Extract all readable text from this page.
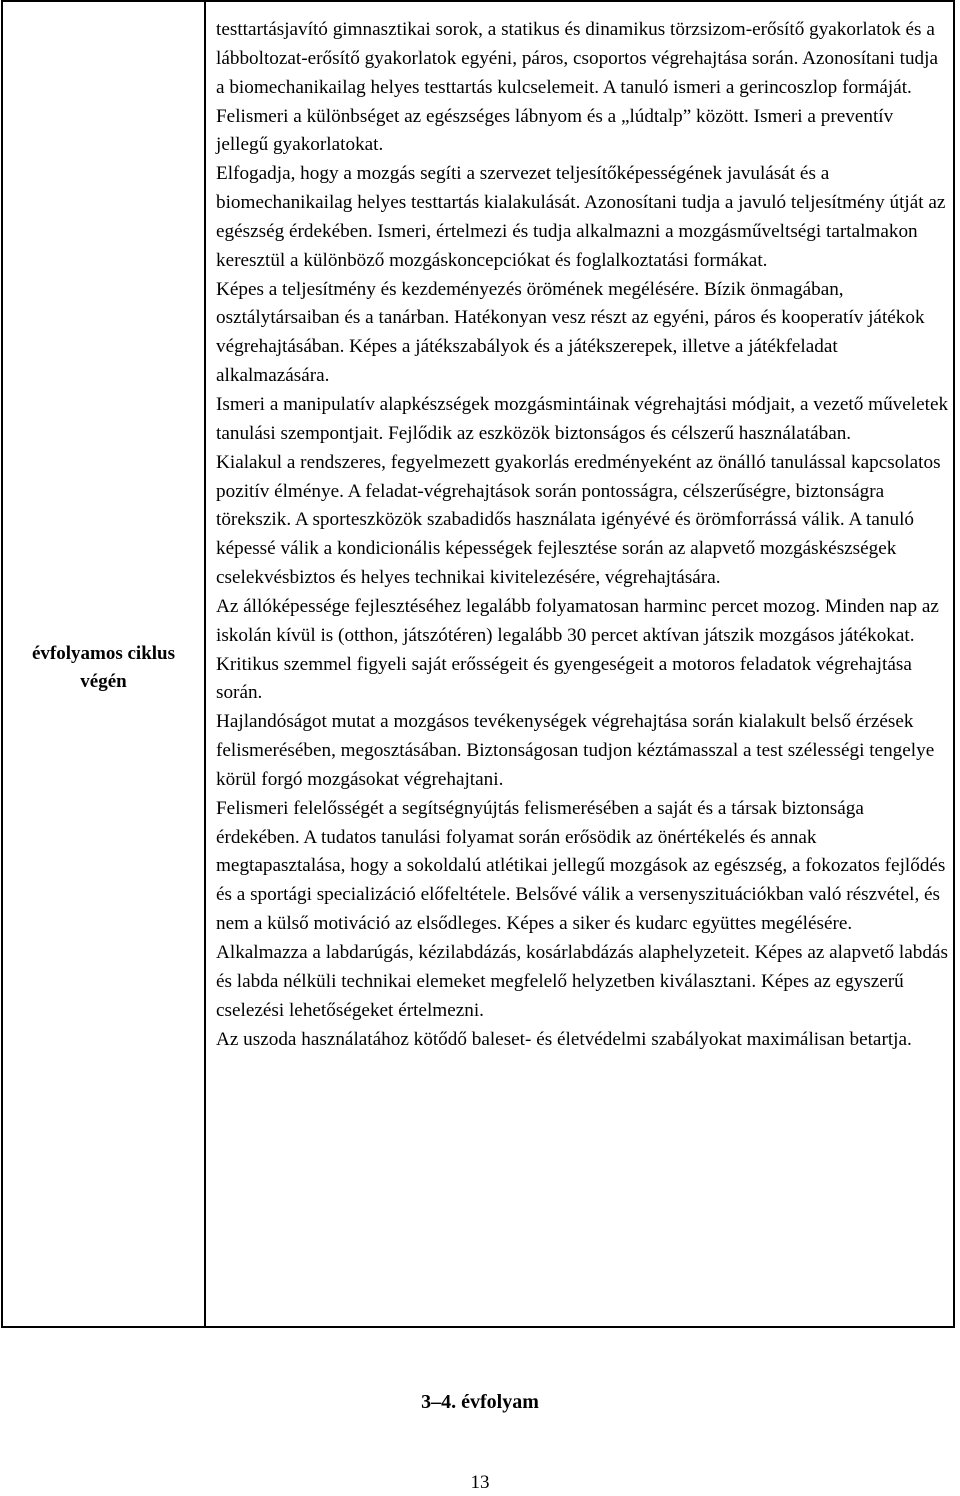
évfolyamos ciklus végén

testtartásjavító gimnasztikai sorok, a statikus és dinamikus törzsizom-erősítő gyakorlatok és a lábboltozat-erősítő gyakorlatok egyéni, páros, csoportos végrehajtása során. Azonosítani tudja a biomechanikailag helyes testtartás kulcselemeit. A tanuló ismeri a gerincoszlop formáját. Felismeri a különbséget az egészséges lábnyom és a „lúdtalp” között. Ismeri a preventív jellegű gyakorlatokat.

Elfogadja, hogy a mozgás segíti a szervezet teljesítőképességének javulását és a biomechanikailag helyes testtartás kialakulását. Azonosítani tudja a javuló teljesítmény útját az egészség érdekében. Ismeri, értelmezi és tudja alkalmazni a mozgásműveltségi tartalmakon keresztül a különböző mozgáskoncepciókat és foglalkoztatási formákat.

Képes a teljesítmény és kezdeményezés örömének megélésére. Bízik önmagában, osztálytársaiban és a tanárban. Hatékonyan vesz részt az egyéni, páros és kooperatív játékok végrehajtásában. Képes a játékszabályok és a játékszerepek, illetve a játékfeladat alkalmazására.

Ismeri a manipulatív alapkészségek mozgásmintáinak végrehajtási módjait, a vezető műveletek tanulási szempontjait. Fejlődik az eszközök biztonságos és célszerű használatában.

Kialakul a rendszeres, fegyelmezett gyakorlás eredményeként az önálló tanulással kapcsolatos pozitív élménye. A feladat-végrehajtások során pontosságra, célszerűségre, biztonságra törekszik. A sporteszközök szabadidős használata igényévé és örömforrássá válik. A tanuló képessé válik a kondicionális képességek fejlesztése során az alapvető mozgáskészségek cselekvésbiztos és helyes technikai kivitelezésére, végrehajtására.

Az állóképessége fejlesztéséhez legalább folyamatosan harminc percet mozog. Minden nap az iskolán kívül is (otthon, játszótéren) legalább 30 percet aktívan játszik mozgásos játékokat. Kritikus szemmel figyeli saját erősségeit és gyengeségeit a motoros feladatok végrehajtása során.

Hajlandóságot mutat a mozgásos tevékenységek végrehajtása során kialakult belső érzések felismerésében, megosztásában. Biztonságosan tudjon kéztámasszal a test szélességi tengelye körül forgó mozgásokat végrehajtani.

Felismeri felelősségét a segítségnyújtás felismerésében a saját és a társak biztonsága érdekében. A tudatos tanulási folyamat során erősödik az önértékelés és annak megtapasztalása, hogy a sokoldalú atlétikai jellegű mozgások az egészség, a fokozatos fejlődés és a sportági specializáció előfeltétele. Belsővé válik a versenyszituációkban való részvétel, és nem a külső motiváció az elsődleges. Képes a siker és kudarc együttes megélésére.

Alkalmazza a labdarúgás, kézilabdázás, kosárlabdázás alaphelyzeteit. Képes az alapvető labdás és labda nélküli technikai elemeket megfelelő helyzetben kiválasztani. Képes az egyszerű cselezési lehetőségeket értelmezni.

Az uszoda használatához kötődő baleset- és életvédelmi szabályokat maximálisan betartja.

3–4. évfolyam
13
